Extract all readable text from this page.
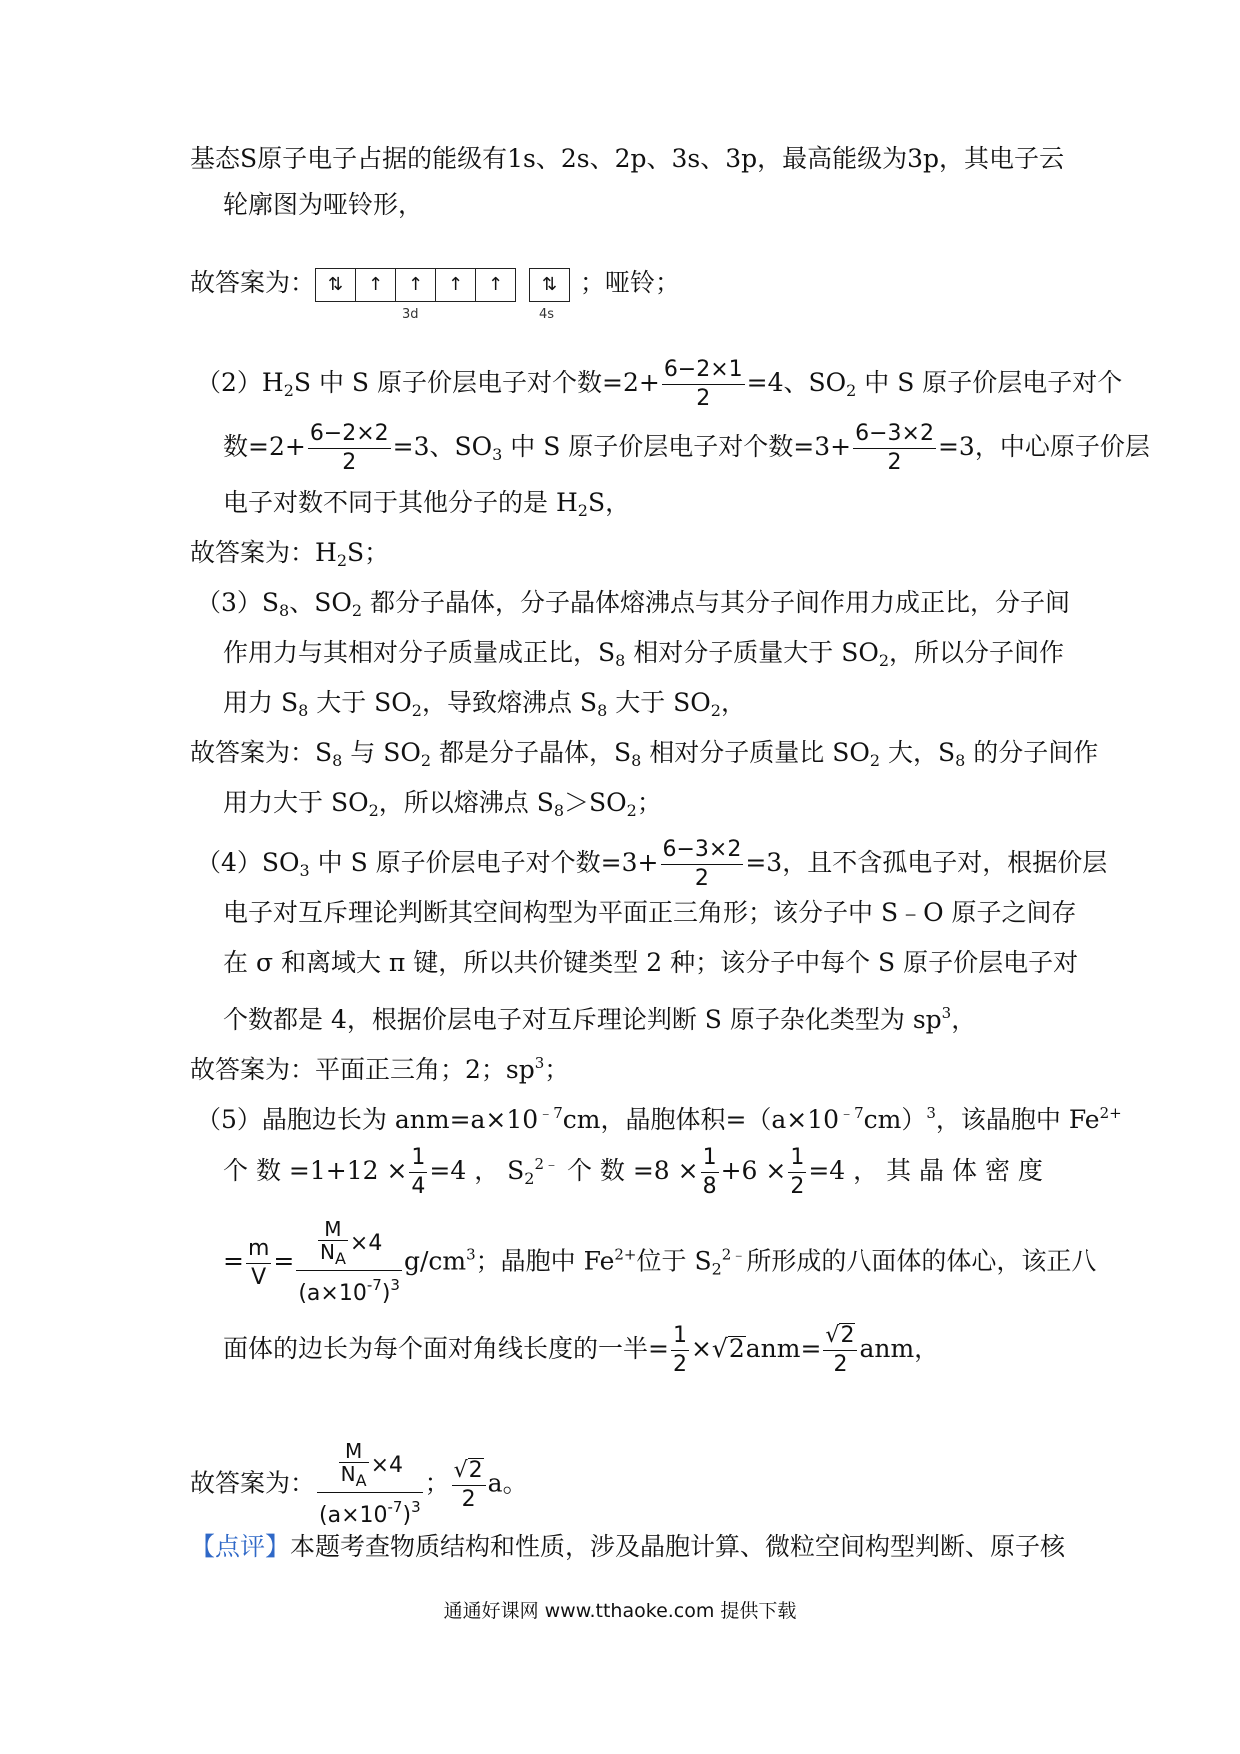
基态S原子电子占据的能级有1s、2s、2p、3s、3p，最高能级为3p，其电子云
轮廓图为哑铃形，
故答案为： ⇅	↑	↑	↑	↑
3d
⇅
4s
；哑铃；
$(2)H_2S$ 中 S 原子价层电子对个数$=2+ \frac{6-2\times 1}{2} =4$、$SO_2$ 中 S 原子价层电子对个
数$=2+ \frac{6-2\times 2}{2} =3$、$SO_3$ 中 S 原子价层电子对个数$=3+ \frac{6-3\times 2}{2} =3$，中心原子价层
电子对数不同于其他分子的是 $H_2S$，
故答案为：$H_2S$；
$(3)S_8$、$SO_2$ 都分子晶体，分子晶体熔沸点与其分子间作用力成正比，分子间
作用力与其相对分子质量成正比，$S_8$ 相对分子质量大于 $SO_2$，所以分子间作
用力 $S_8$ 大于 $SO_2$，导致熔沸点 $S_8$ 大于 $SO_2$，
故答案为：$S_8$ 与 $SO_2$ 都是分子晶体，$S_8$ 相对分子质量比 $SO_2$ 大，$S_8$ 的分子间作
用力大于 $SO_2$，所以熔沸点 $S_8>SO_2$；
$(4)SO_3$ 中 S 原子价层电子对个数$=3+ \frac{6-3\times 2}{2} =3$，且不含孤电子对，根据价层
电子对互斥理论判断其空间构型为平面正三角形；该分子中 S﹣O 原子之间存
在 σ 和离域大 π 键，所以共价键类型 2 种；该分子中每个 S 原子价层电子对
个数都是 4，根据价层电子对互斥理论判断 S 原子杂化类型为 $sp^3$，
故答案为：平面正三角；2；$sp^3$；
（5）晶胞边长为 $anm=a\times 10^{﹣7}cm$，晶胞体积$=(a\times 10^{﹣7}cm)^3$，该晶胞中 $Fe^{2+}$
个 数 $=1+12 \times \frac{1}{4} =4$ ， $S_2^{2﹣}$ 个 数 $=8 \times \frac{1}{8} +6 \times \frac{1}{2} =4$ ， 其 晶 体 密 度
= $\frac{m}{V} = \frac{\frac{M}{N_A} \times 4}{(a\times 10^{-7})^3} g/cm^3$；晶胞中 $Fe^{2+}$位于 $S_2^{2﹣}$所形成的八面体的体心，该正八
面体的边长为每个面对角线长度的一半= $\frac{1}{2} \times√2anm= \frac{√2}{2}$ anm，
故答案为： $\frac{\frac{M}{N_A} \times 4}{(a\times 10^{-7})^3}$ ； $\frac{√2}{2}$ a。
【点评】本题考查物质结构和性质，涉及晶胞计算、微粒空间构型判断、原子核
通通好课网 www.tthaoke.com 提供下载
